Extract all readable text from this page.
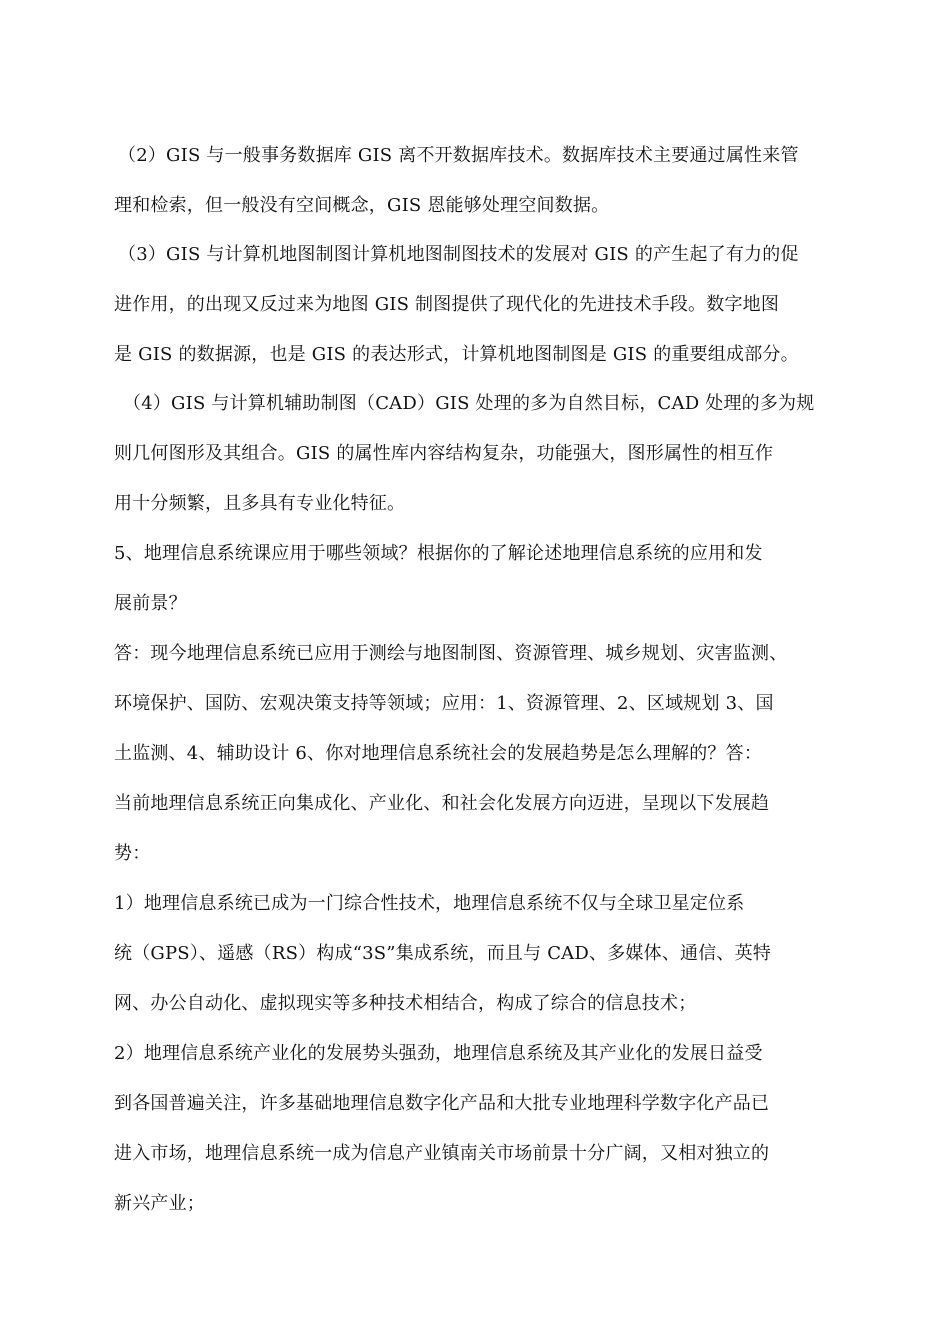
（2）GIS 与一般事务数据库 GIS 离不开数据库技术。数据库技术主要通过属性来管
理和检索，但一般没有空间概念，GIS 恩能够处理空间数据。
（3）GIS 与计算机地图制图计算机地图制图技术的发展对 GIS 的产生起了有力的促
进作用，的出现又反过来为地图 GIS 制图提供了现代化的先进技术手段。数字地图
是 GIS 的数据源，也是 GIS 的表达形式，计算机地图制图是 GIS 的重要组成部分。
（4）GIS 与计算机辅助制图（CAD）GIS 处理的多为自然目标，CAD 处理的多为规
则几何图形及其组合。GIS 的属性库内容结构复杂，功能强大，图形属性的相互作
用十分频繁，且多具有专业化特征。
5、地理信息系统课应用于哪些领域？根据你的了解论述地理信息系统的应用和发
展前景？
答：现今地理信息系统已应用于测绘与地图制图、资源管理、城乡规划、灾害监测、
环境保护、国防、宏观决策支持等领域；应用：1、资源管理、2、区域规划 3、国
土监测、4、辅助设计 6、你对地理信息系统社会的发展趋势是怎么理解的？答：
当前地理信息系统正向集成化、产业化、和社会化发展方向迈进，呈现以下发展趋
势：
1）地理信息系统已成为一门综合性技术，地理信息系统不仅与全球卫星定位系
统（GPS）、遥感（RS）构成“3S”集成系统，而且与 CAD、多媒体、通信、英特
网、办公自动化、虚拟现实等多种技术相结合，构成了综合的信息技术；
2）地理信息系统产业化的发展势头强劲，地理信息系统及其产业化的发展日益受
到各国普遍关注，许多基础地理信息数字化产品和大批专业地理科学数字化产品已
进入市场，地理信息系统一成为信息产业镇南关市场前景十分广阔，又相对独立的
新兴产业；
